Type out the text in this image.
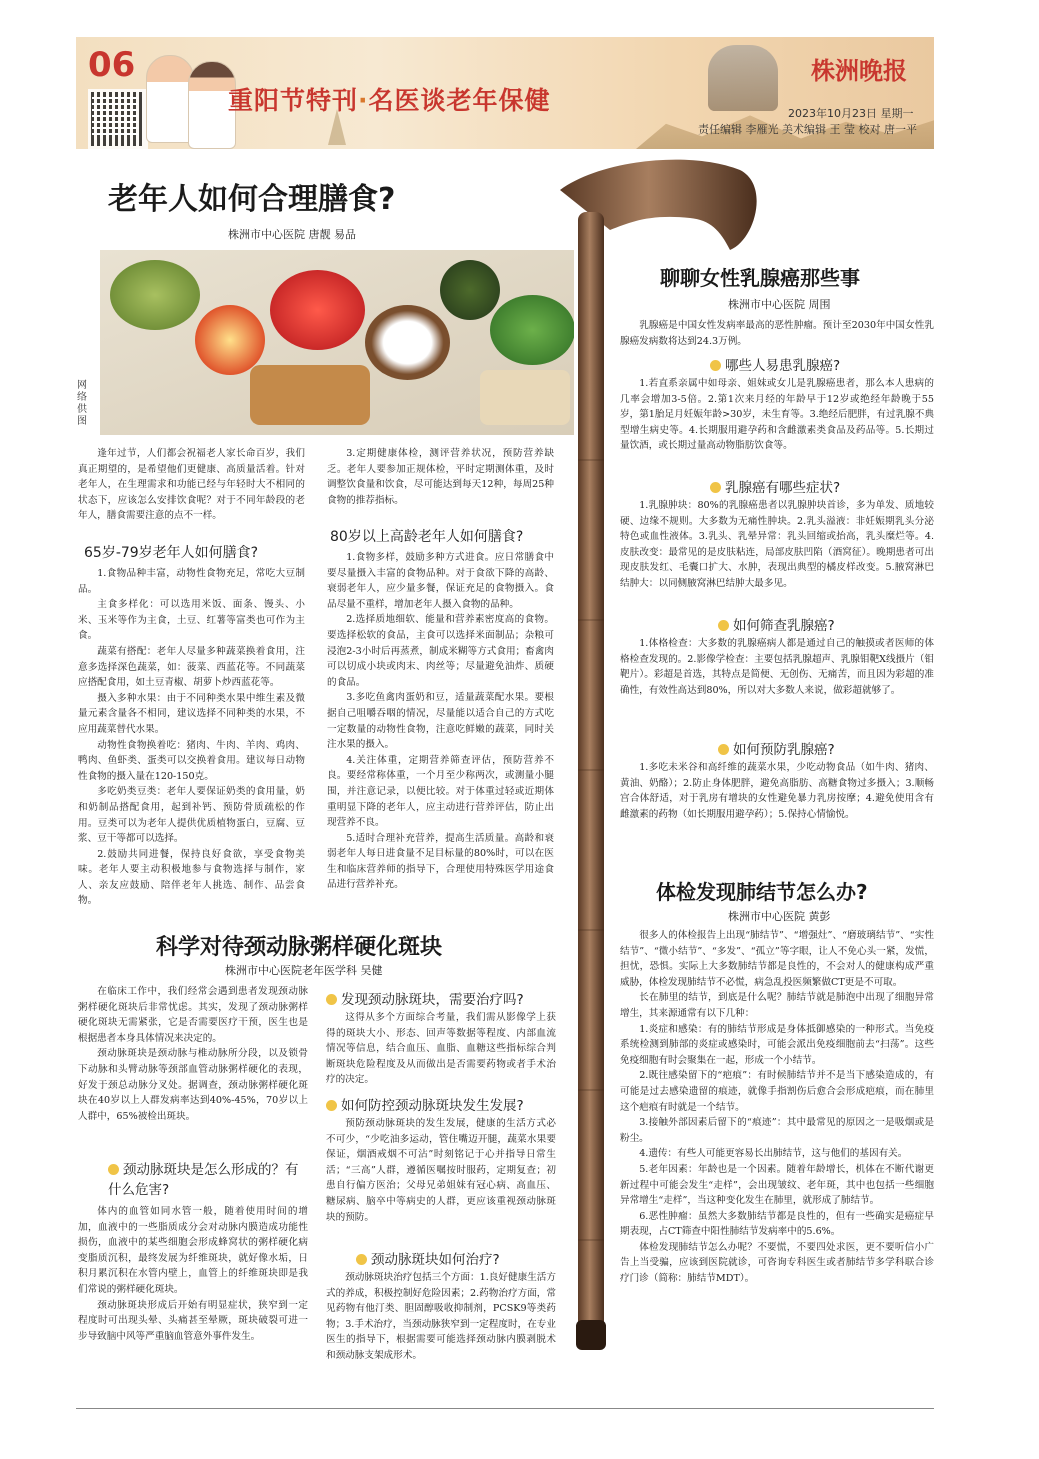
06
重阳节特刊·名医谈老年保健
株洲晚报
2023年10月23日 星期一
责任编辑 李雁光 美术编辑 王 莹 校对 唐一平
老年人如何合理膳食?
株洲市中心医院 唐靓 易品
网络供图

逢年过节，人们都会祝福老人家长命百岁，我们真正期望的，是希望他们更健康、高质量活着。针对老年人，在生理需求和功能已经与年轻时大不相同的状态下，应该怎么安排饮食呢？对于不同年龄段的老年人，膳食需要注意的点不一样。

65岁-79岁老年人如何膳食?

1.食物品种丰富，动物性食物充足，常吃大豆制品。

主食多样化：可以选用米饭、面条、馒头、小米、玉米等作为主食，土豆、红薯等富类也可作为主食。

蔬菜有搭配：老年人尽量多种蔬菜换着食用，注意多选择深色蔬菜，如：菠菜、西蓝花等。不同蔬菜应搭配食用，如土豆青椒、胡萝卜炒西蓝花等。

摄入多种水果：由于不同种类水果中维生素及微量元素含量各不相同，建议选择不同种类的水果，不应用蔬菜替代水果。

动物性食物换着吃：猪肉、牛肉、羊肉、鸡肉、鸭肉、鱼虾类、蛋类可以交换着食用。建议每日动物性食物的摄入量在120-150克。

多吃奶类豆类：老年人要保证奶类的食用量，奶和奶制品搭配食用，起到补钙、预防骨质疏松的作用。豆类可以为老年人提供优质植物蛋白，豆腐、豆浆、豆干等都可以选择。

2.鼓励共同进餐，保持良好食欲，享受食物美味。老年人要主动积极地参与食物选择与制作，家人、亲友应鼓励、陪伴老年人挑选、制作、品尝食物。

3.定期健康体检，测评营养状况，预防营养缺乏。老年人要参加正规体检，平时定期测体重，及时调整饮食量和饮食，尽可能达到每天12种，每周25种食物的推荐指标。

80岁以上高龄老年人如何膳食?

1.食物多样，鼓励多种方式进食。应日常膳食中要尽量摄入丰富的食物品种。对于食欲下降的高龄、衰弱老年人，应少量多餐，保证充足的食物摄入。食品尽量不重样，增加老年人摄入食物的品种。

2.选择质地细软、能量和营养素密度高的食物。要选择松软的食品，主食可以选择米面制品；杂粮可浸泡2-3小时后再蒸煮，制成米糊等方式食用；畜禽肉可以切成小块或肉末、肉丝等；尽量避免油炸、质硬的食品。

3.多吃鱼禽肉蛋奶和豆，适量蔬菜配水果。要根据自己咀嚼吞咽的情况，尽量能以适合自己的方式吃一定数量的动物性食物，注意吃鲜嫩的蔬菜，同时关注水果的摄入。

4.关注体重，定期营养筛查评估，预防营养不良。要经常称体重，一个月至少称两次，或测量小腿围，并注意记录，以便比较。对于体重过轻或近期体重明显下降的老年人，应主动进行营养评估，防止出现营养不良。

5.适时合理补充营养，提高生活质量。高龄和衰弱老年人每日进食量不足目标量的80%时，可以在医生和临床营养师的指导下，合理使用特殊医学用途食品进行营养补充。

科学对待颈动脉粥样硬化斑块
株洲市中心医院老年医学科 吴健

在临床工作中，我们经常会遇到患者发现颈动脉粥样硬化斑块后非常忧虑。其实，发现了颈动脉粥样硬化斑块无需紧张，它是否需要医疗干预，医生也是根据患者本身具体情况来决定的。

颈动脉斑块是颈动脉与椎动脉所分段，以及锁骨下动脉和头臂动脉等颈部血管动脉粥样硬化的表现，好发于颈总动脉分叉处。据调查，颈动脉粥样硬化斑块在40岁以上人群发病率达到40%-45%，70岁以上人群中，65%被检出斑块。

颈动脉斑块是怎么形成的？有什么危害?

体内的血管如同水管一般，随着使用时间的增加，血液中的一些脂质成分会对动脉内膜造成功能性损伤，血液中的某些细胞会形成蜂窝状的粥样硬化病变脂质沉积，最终发展为纤维斑块，就好像水垢，日积月累沉积在水管内壁上，血管上的纤维斑块即是我们常说的粥样硬化斑块。

颈动脉斑块形成后开始有明显症状，狭窄到一定程度时可出现头晕、头痛甚至晕厥，斑块破裂可进一步导致脑中风等严重脑血管意外事件发生。

发现颈动脉斑块，需要治疗吗?

这得从多个方面综合考量，我们需从影像学上获得的斑块大小、形态、回声等数据等程度、内部血流情况等信息，结合血压、血脂、血糖这些指标综合判断斑块危险程度及从而做出是否需要药物或者手术治疗的决定。

如何防控颈动脉斑块发生发展?

预防颈动脉斑块的发生发展，健康的生活方式必不可少，“少吃油多运动，管住嘴迈开腿，蔬菜水果要保证，烟酒戒烟不可沾”时刻铭记于心并指导日常生活；“三高”人群，遵循医嘱按时服药，定期复查；初患自行偏方医治；父母兄弟姐妹有冠心病、高血压、糖尿病、脑卒中等病史的人群，更应该重视颈动脉斑块的预防。

颈动脉斑块如何治疗?

颈动脉斑块治疗包括三个方面：1.良好健康生活方式的养成，积极控制好危险因素；2.药物治疗方面，常见药物有他汀类、胆固醇吸收抑制剂，PCSK9等类药物；3.手术治疗，当颈动脉狭窄到一定程度时，在专业医生的指导下，根据需要可能选择颈动脉内膜剥脱术和颈动脉支架成形术。

聊聊女性乳腺癌那些事
株洲市中心医院 周围

乳腺癌是中国女性发病率最高的恶性肿瘤。预计至2030年中国女性乳腺癌发病数将达到24.3万例。

哪些人易患乳腺癌?

1.若直系亲属中如母亲、姐妹或女儿是乳腺癌患者，那么本人患病的几率会增加3-5倍。2.第1次来月经的年龄早于12岁或绝经年龄晚于55岁，第1胎足月妊娠年龄>30岁，未生育等。3.绝经后肥胖，有过乳腺不典型增生病史等。4.长期服用避孕药和含雌激素类食品及药品等。5.长期过量饮酒，或长期过量高动物脂肪饮食等。

乳腺癌有哪些症状?

1.乳腺肿块：80%的乳腺癌患者以乳腺肿块首诊，多为单发、质地较硬、边缘不规则。大多数为无痛性肿块。2.乳头溢液：非妊娠期乳头分泌特色或血性液体。3.乳头、乳晕异常：乳头回缩或抬高，乳头糜烂等。4.皮肤改变：最常见的是皮肤粘连，局部皮肤凹陷（酒窝征）。晚期患者可出现皮肤发红、毛囊口扩大、水肿，表现出典型的橘皮样改变。5.腋窝淋巴结肿大：以同侧腋窝淋巴结肿大最多见。

如何筛查乳腺癌?

1.体格检查：大多数的乳腺癌病人都是通过自己的触摸或者医师的体格检查发现的。2.影像学检查：主要包括乳腺超声、乳腺钼靶X线摄片（钼靶片）。彩超是首选，其特点是简便、无创伤、无痛苦，而且因为彩超的准确性，有效性高达到80%，所以对大多数人来说，做彩超就够了。

如何预防乳腺癌?

1.多吃未米谷和高纤维的蔬菜水果，少吃动物食品（如牛肉、猪肉、黄油、奶酪）；2.防止身体肥胖，避免高脂肪、高糖食物过多摄入；3.顺畅宫合体舒适，对于乳房有增块的女性避免暴力乳房按摩；4.避免使用含有雌激素的药物（如长期服用避孕药）；5.保持心情愉悦。

体检发现肺结节怎么办?
株洲市中心医院 黄彭

很多人的体检报告上出现“肺结节”、“增强灶”、“磨玻璃结节”、“实性结节”、“微小结节”、“多发”、“孤立”等字眼，让人不免心头一紧，发慌，担忧，恐惧。实际上大多数肺结节都是良性的，不会对人的健康构成严重威胁，体检发现肺结节不必慌，病急乱投医频繁做CT更是不可取。

长在肺里的结节，到底是什么呢？肺结节就是肺泡中出现了细胞异常增生，其来源通常有以下几种：

1.炎症和感染：有的肺结节形成是身体抵御感染的一种形式。当免疫系统检测到肺部的炎症或感染时，可能会派出免疫细胞前去“扫荡”。这些免疫细胞有时会聚集在一起，形成一个小结节。

2.既往感染留下的“疤痕”：有时候肺结节并不是当下感染造成的，有可能是过去感染遗留的痕迹，就像手指割伤后愈合会形成疤痕，而在肺里这个疤痕有时就是一个结节。

3.接触外部因素后留下的“痕迹”：其中最常见的原因之一是吸烟或是粉尘。

4.遗传：有些人可能更容易长出肺结节，这与他们的基因有关。

5.老年因素：年龄也是一个因素。随着年龄增长，机体在不断代谢更新过程中可能会发生“走样”，会出现皱纹、老年斑，其中也包括一些细胞异常增生“走样”，当这种变化发生在肺里，就形成了肺结节。

6.恶性肿瘤：虽然大多数肺结节都是良性的，但有一些确实是癌症早期表现，占CT筛查中阳性肺结节发病率中的5.6%。

体检发现肺结节怎么办呢？不要慌，不要四处求医，更不要听信小广告上当受骗，应该到医院就诊，可咨询专科医生或者肺结节多学科联合诊疗门诊（简称：肺结节MDT）。
